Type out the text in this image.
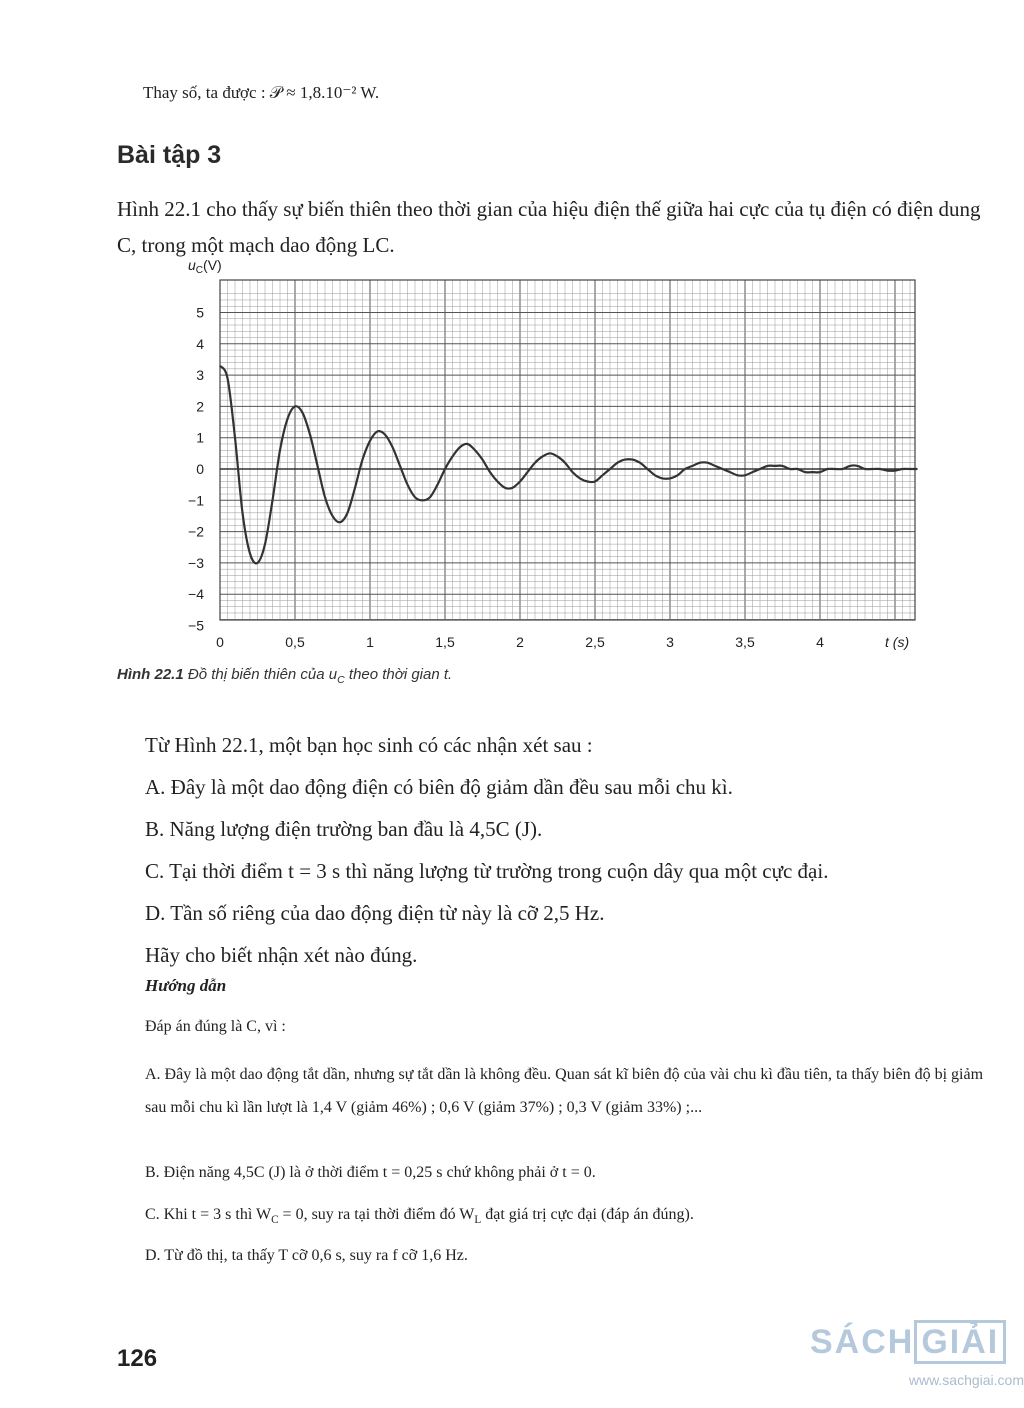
Thay số, ta được : 𝒫 ≈ 1,8.10⁻² W.
Bài tập 3
Hình 22.1 cho thấy sự biến thiên theo thời gian của hiệu điện thế giữa hai cực của tụ điện có điện dung C, trong một mạch dao động LC.
0	0,5	1	1,5	2	2,5	3	3,5	4
5
4
3
2
1
0
−1
−2
−3
−4
−5
$u_C(V)$
t (s)
Hình 22.1 Đồ thị biến thiên của $u_C$ theo thời gian t.
Từ Hình 22.1, một bạn học sinh có các nhận xét sau :
A. Đây là một dao động điện có biên độ giảm dần đều sau mỗi chu kì.
B. Năng lượng điện trường ban đầu là 4,5C (J).
C. Tại thời điểm t = 3 s thì năng lượng từ trường trong cuộn dây qua một cực đại.
D. Tần số riêng của dao động điện từ này là cỡ 2,5 Hz.
Hãy cho biết nhận xét nào đúng.
Hướng dẫn
Đáp án đúng là C, vì :
A. Đây là một dao động tắt dần, nhưng sự tắt dần là không đều. Quan sát kĩ biên độ của vài chu kì đầu tiên, ta thấy biên độ bị giảm sau mỗi chu kì lần lượt là 1,4 V (giảm 46%) ; 0,6 V (giảm 37%) ; 0,3 V (giảm 33%) ;...
B. Điện năng 4,5C (J) là ở thời điểm t = 0,25 s chứ không phải ở t = 0.
C. Khi t = 3 s thì $W_C = 0$, suy ra tại thời điểm đó $W_L$ đạt giá trị cực đại (đáp án đúng).
D. Từ đồ thị, ta thấy T cỡ 0,6 s, suy ra f cỡ 1,6 Hz.
126	SÁCH GIẢI
www.sachgiai.com
